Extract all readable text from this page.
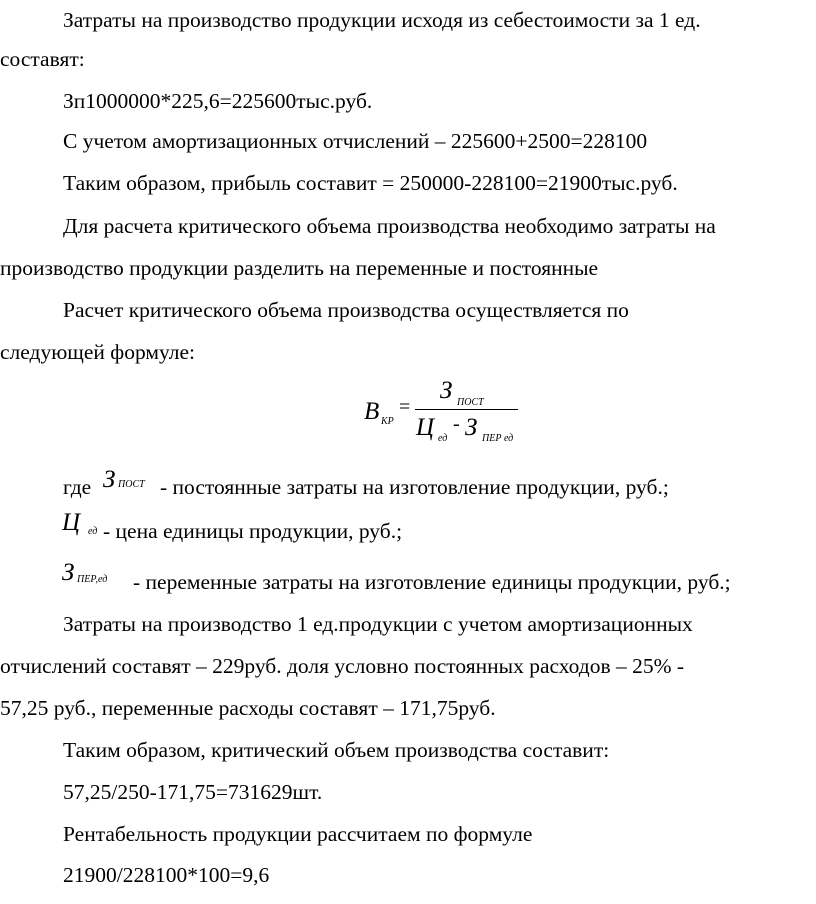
Затраты на производство продукции исходя из себестоимости за 1 ед.
составят:
Зп1000000*225,6=225600тыс.руб.
С учетом амортизационных отчислений – 225600+2500=228100
Таким образом, прибыль составит = 250000-228100=21900тыс.руб.
Для расчета критического объема производства необходимо затраты на
производство продукции разделить на переменные и постоянные
Расчет критического объема производства осуществляется по
следующей формуле:
В КР
=
З ПОСТ
Ц ед
- З ПЕР ед
где З ПОСТ - постоянные затраты на изготовление продукции, руб.;
Ц ед - цена единицы продукции, руб.;
З ПЕР,ед - переменные затраты на изготовление единицы продукции, руб.;
Затраты на производство 1 ед.продукции с учетом амортизационных
отчислений составят – 229руб. доля условно постоянных расходов – 25% -
57,25 руб., переменные расходы составят – 171,75руб.
Таким образом, критический объем производства составит:
57,25/250-171,75=731629шт.
Рентабельность продукции рассчитаем по формуле
21900/228100*100=9,6
